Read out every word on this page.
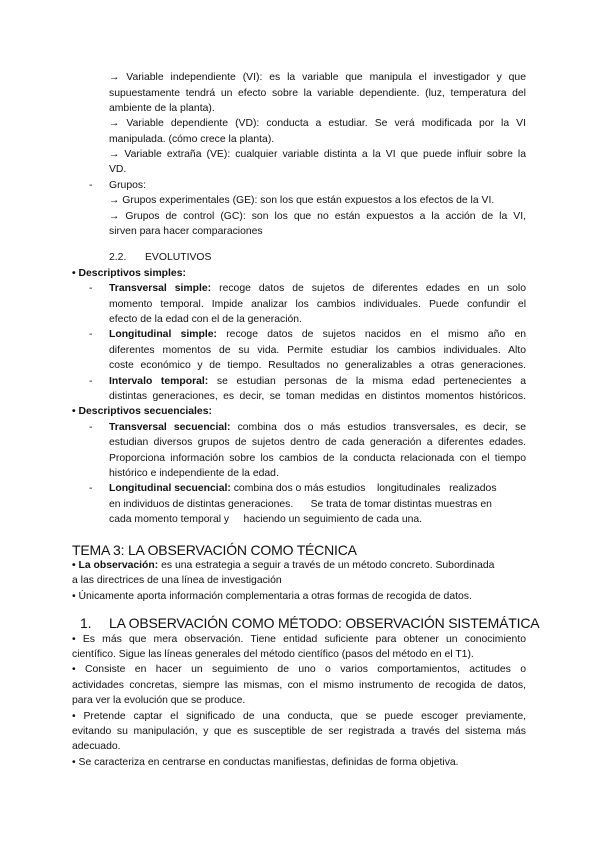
→ Variable independiente (VI): es la variable que manipula el investigador y que
supuestamente tendrá un efecto sobre la variable dependiente. (luz, temperatura del
ambiente de la planta).
→ Variable dependiente (VD): conducta a estudiar. Se verá modificada por la VI
manipulada. (cómo crece la planta).
→ Variable extraña (VE): cualquier variable distinta a la VI que puede influir sobre la
VD.
- Grupos:
→ Grupos experimentales (GE): son los que están expuestos a los efectos de la VI.
→ Grupos de control (GC): son los que no están expuestos a la acción de la VI,
sirven para hacer comparaciones
2.2. EVOLUTIVOS
• Descriptivos simples:
- Transversal simple: recoge datos de sujetos de diferentes edades en un solo
momento temporal. Impide analizar los cambios individuales. Puede confundir el
efecto de la edad con el de la generación.
- Longitudinal simple: recoge datos de sujetos nacidos en el mismo año en
diferentes momentos de su vida. Permite estudiar los cambios individuales. Alto
coste económico y de tiempo. Resultados no generalizables a otras generaciones.
- Intervalo temporal: se estudian personas de la misma edad pertenecientes a
distintas generaciones, es decir, se toman medidas en distintos momentos históricos.
• Descriptivos secuenciales:
- Transversal secuencial: combina dos o más estudios transversales, es decir, se
estudian diversos grupos de sujetos dentro de cada generación a diferentes edades.
Proporciona información sobre los cambios de la conducta relacionada con el tiempo
histórico e independiente de la edad.
- Longitudinal secuencial: combina dos o más estudios    longitudinales   realizados
en individuos de distintas generaciones.      Se trata de tomar distintas muestras en
cada momento temporal y     haciendo un seguimiento de cada una.
TEMA 3: LA OBSERVACIÓN COMO TÉCNICA
• La observación: es una estrategia a seguir a través de un método concreto. Subordinada
a las directrices de una línea de investigación
• Únicamente aporta información complementaria a otras formas de recogida de datos.
1. LA OBSERVACIÓN COMO MÉTODO: OBSERVACIÓN SISTEMÁTICA
• Es más que mera observación. Tiene entidad suficiente para obtener un conocimiento
científico. Sigue las líneas generales del método científico (pasos del método en el T1).
• Consiste en hacer un seguimiento de uno o varios comportamientos, actitudes o
actividades concretas, siempre las mismas, con el mismo instrumento de recogida de datos,
para ver la evolución que se produce.
• Pretende captar el significado de una conducta, que se puede escoger previamente,
evitando su manipulación, y que es susceptible de ser registrada a través del sistema más
adecuado.
• Se caracteriza en centrarse en conductas manifiestas, definidas de forma objetiva.
